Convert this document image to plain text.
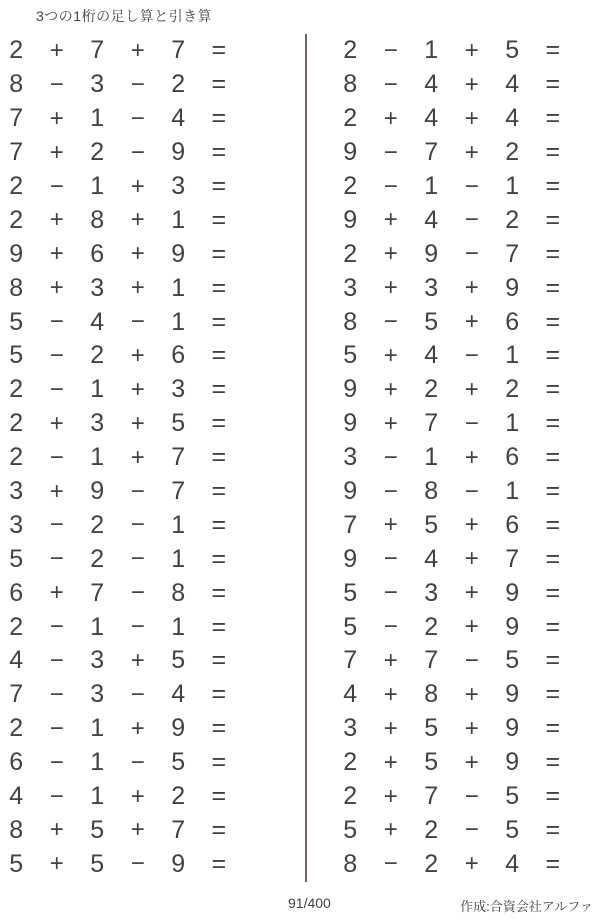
3つの1桁の足し算と引き算
2	+	7	+	7	=
8	−	3	−	2	=
7	+	1	−	4	=
7	+	2	−	9	=
2	−	1	+	3	=
2	+	8	+	1	=
9	+	6	+	9	=
8	+	3	+	1	=
5	−	4	−	1	=
5	−	2	+	6	=
2	−	1	+	3	=
2	+	3	+	5	=
2	−	1	+	7	=
3	+	9	−	7	=
3	−	2	−	1	=
5	−	2	−	1	=
6	+	7	−	8	=
2	−	1	−	1	=
4	−	3	+	5	=
7	−	3	−	4	=
2	−	1	+	9	=
6	−	1	−	5	=
4	−	1	+	2	=
8	+	5	+	7	=
5	+	5	−	9	=
2	−	1	+	5	=
8	−	4	+	4	=
2	+	4	+	4	=
9	−	7	+	2	=
2	−	1	−	1	=
9	+	4	−	2	=
2	+	9	−	7	=
3	+	3	+	9	=
8	−	5	+	6	=
5	+	4	−	1	=
9	+	2	+	2	=
9	+	7	−	1	=
3	−	1	+	6	=
9	−	8	−	1	=
7	+	5	+	6	=
9	−	4	+	7	=
5	−	3	+	9	=
5	−	2	+	9	=
7	+	7	−	5	=
4	+	8	+	9	=
3	+	5	+	9	=
2	+	5	+	9	=
2	+	7	−	5	=
5	+	2	−	5	=
8	−	2	+	4	=
91/400	作成:合資会社アルファ
